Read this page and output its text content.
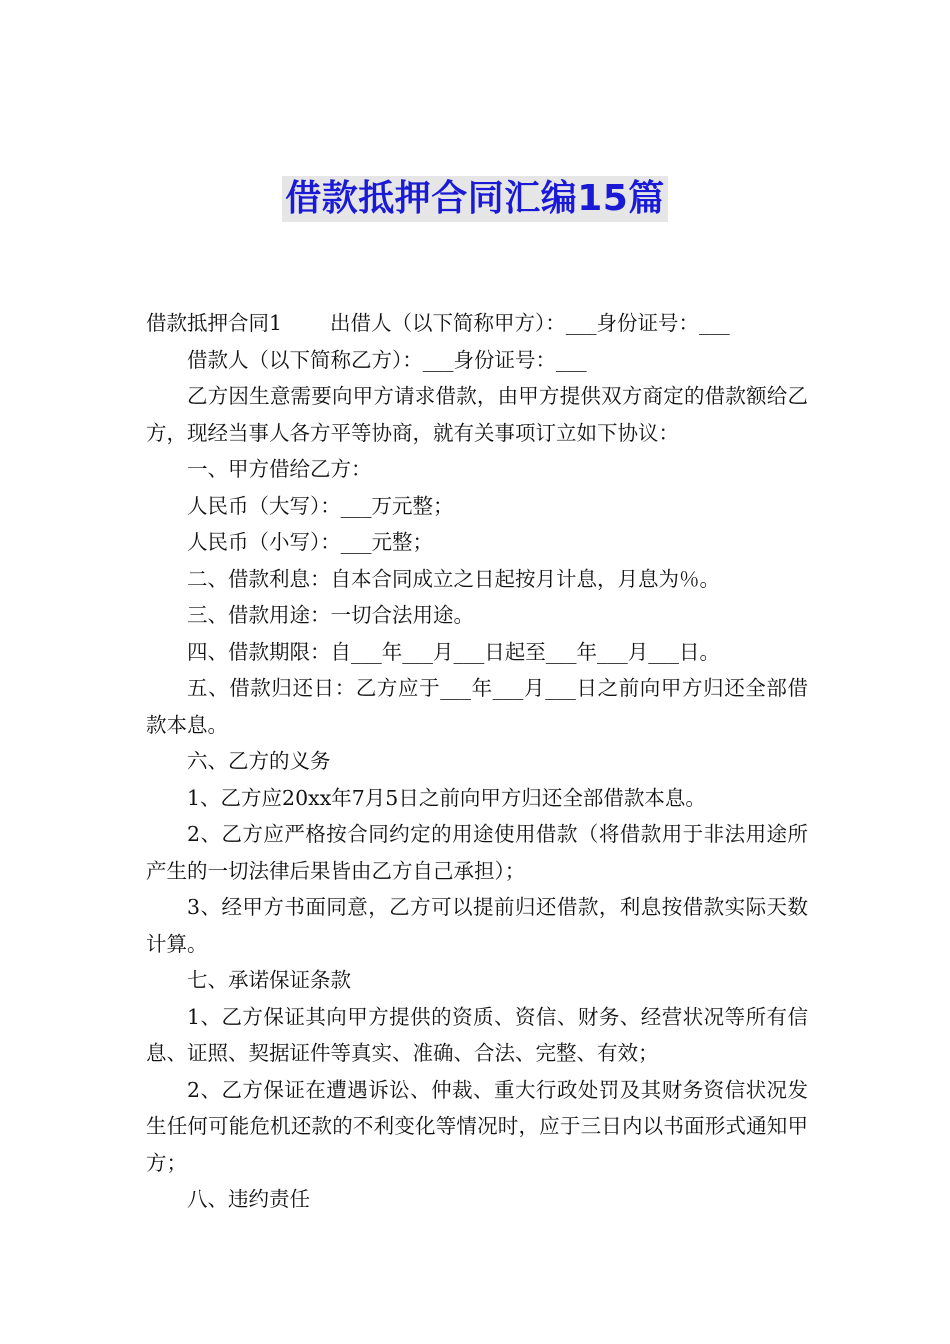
借款抵押合同汇编15篇

借款抵押合同1 出借人（以下简称甲方）：___身份证号：___

借款人（以下简称乙方）：___身份证号：___

乙方因生意需要向甲方请求借款，由甲方提供双方商定的借款额给乙方，现经当事人各方平等协商，就有关事项订立如下协议：

一、甲方借给乙方：

人民币（大写）：___万元整；

人民币（小写）：___元整；

二、借款利息：自本合同成立之日起按月计息，月息为％。

三、借款用途：一切合法用途。

四、借款期限：自___年___月___日起至___年___月___日。

五、借款归还日：乙方应于___年___月___日之前向甲方归还全部借款本息。

六、乙方的义务

1、乙方应20xx年7月5日之前向甲方归还全部借款本息。

2、乙方应严格按合同约定的用途使用借款（将借款用于非法用途所产生的一切法律后果皆由乙方自己承担）；

3、经甲方书面同意，乙方可以提前归还借款，利息按借款实际天数计算。

七、承诺保证条款

1、乙方保证其向甲方提供的资质、资信、财务、经营状况等所有信息、证照、契据证件等真实、准确、合法、完整、有效；

2、乙方保证在遭遇诉讼、仲裁、重大行政处罚及其财务资信状况发生任何可能危机还款的不利变化等情况时，应于三日内以书面形式通知甲方；

八、违约责任
